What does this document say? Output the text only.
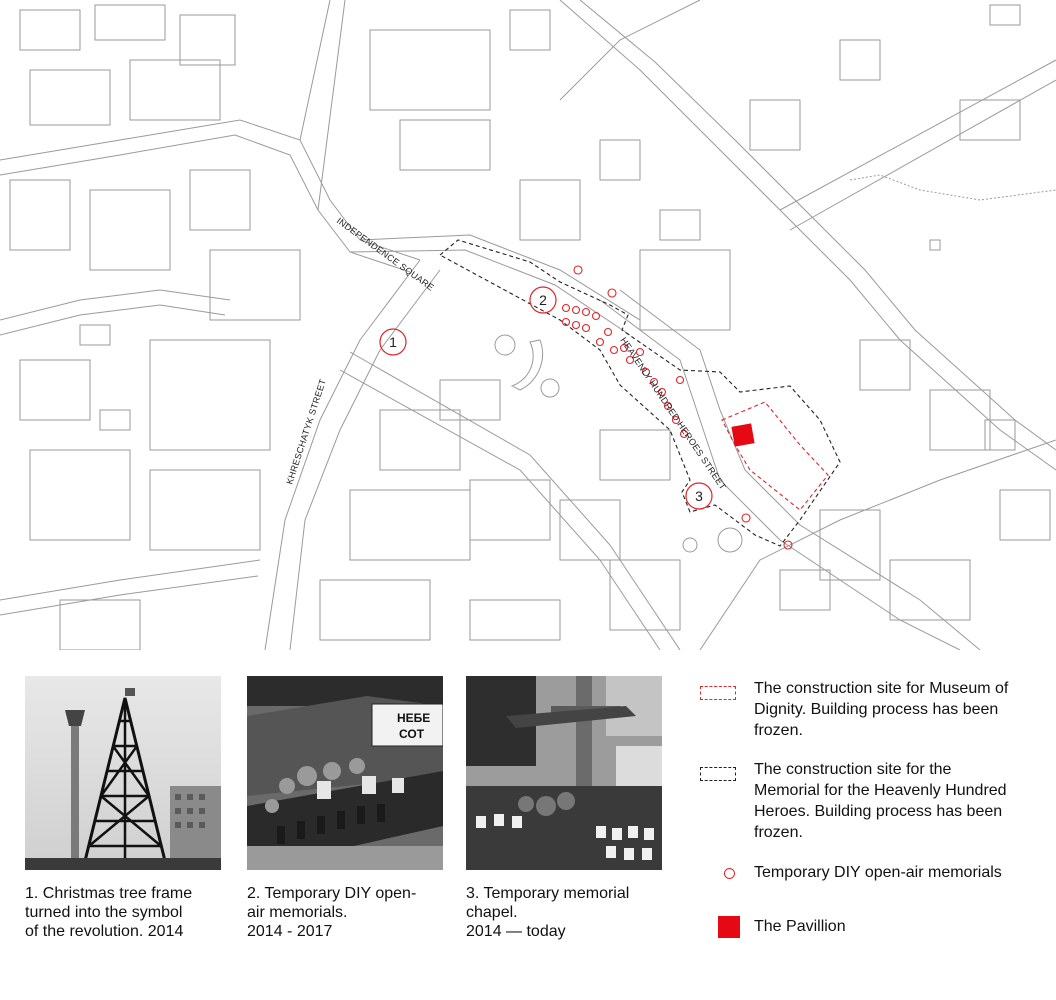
1
2
3
INDEPENDENCE SQUARE
KHRESCHATYK STREET	HEAVENLY HUNDRED HEROES STREET
НЕБЕ
СОТ
1. Christmas tree frame
turned into the symbol
of the revolution. 2014
2. Temporary DIY open-
air memorials.
2014 - 2017
3. Temporary memorial
chapel.
2014 — today
The construction site for Museum of Dignity. Building process has been frozen.
The construction site for the Memorial for the Heavenly Hundred Heroes. Building process has been frozen.
Temporary DIY open-air memorials
The Pavillion
